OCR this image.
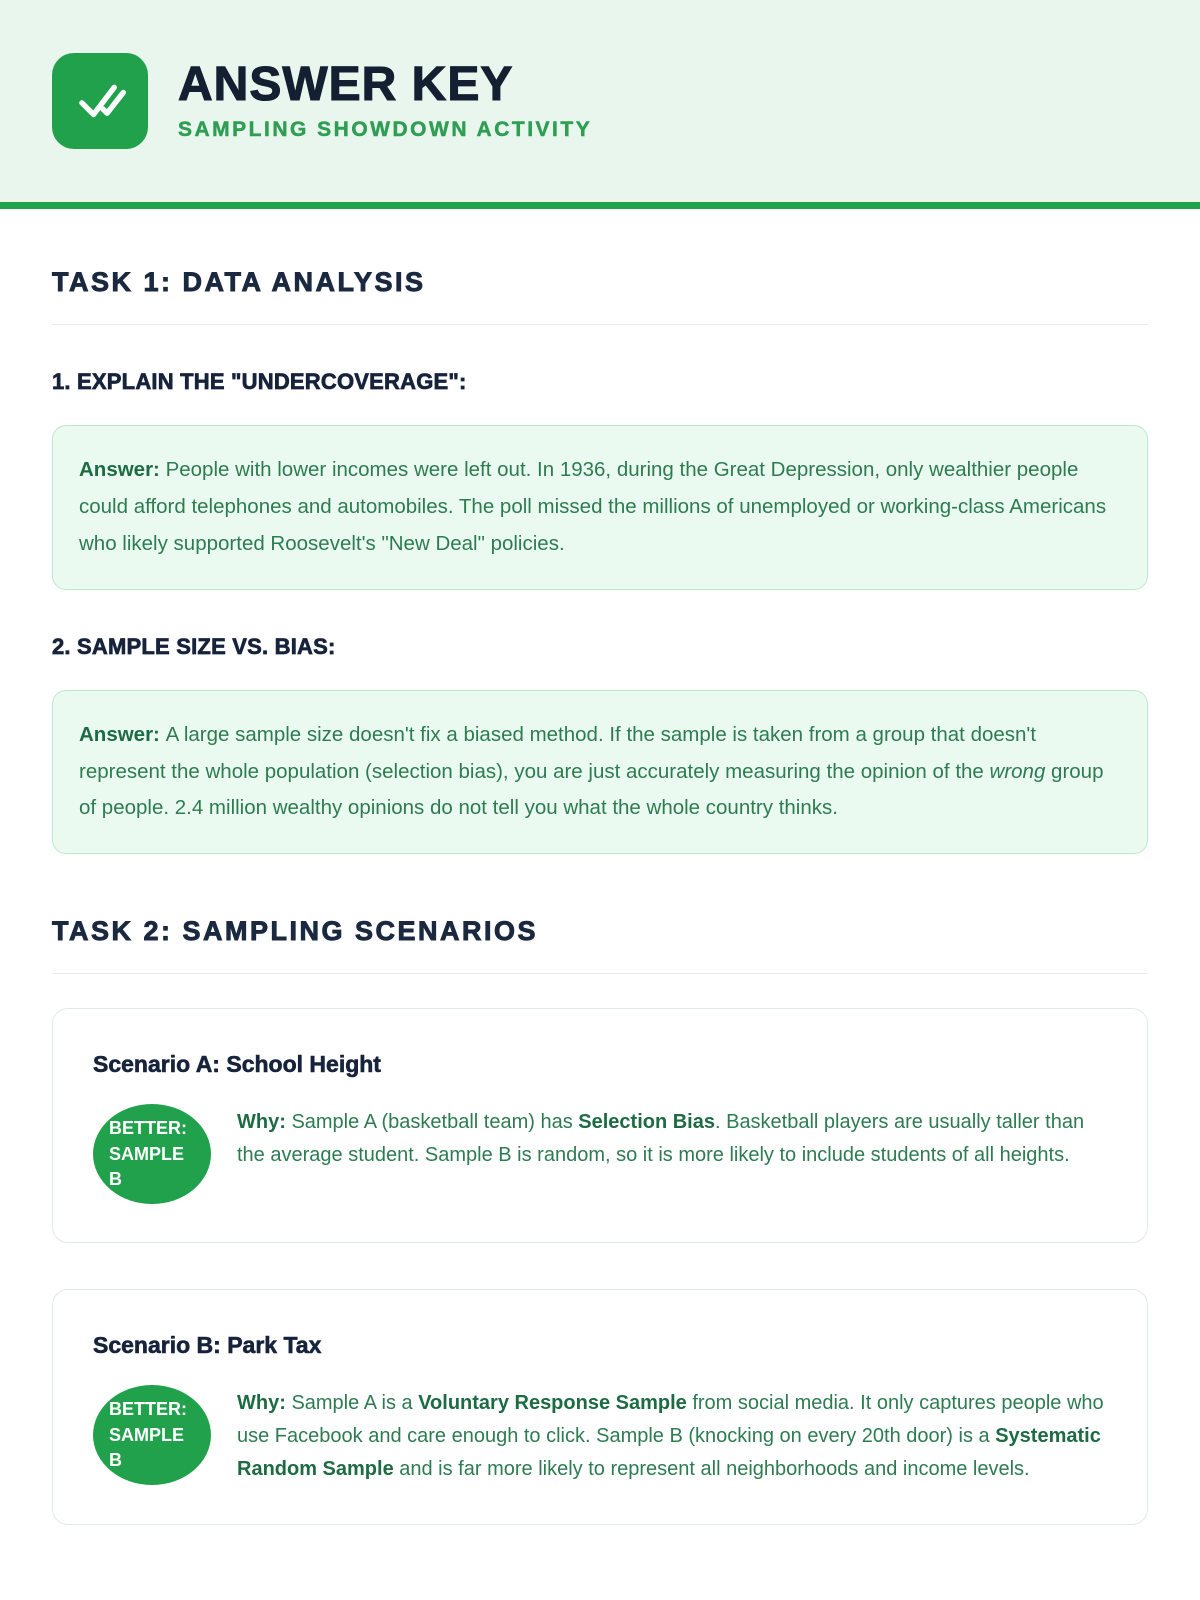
ANSWER KEY
SAMPLING SHOWDOWN ACTIVITY
TASK 1: DATA ANALYSIS
1. EXPLAIN THE "UNDERCOVERAGE":

Answer: People with lower incomes were left out. In 1936, during the Great Depression, only wealthier people could afford telephones and automobiles. The poll missed the millions of unemployed or working-class Americans who likely supported Roosevelt's "New Deal" policies.

2. SAMPLE SIZE VS. BIAS:

Answer: A large sample size doesn't fix a biased method. If the sample is taken from a group that doesn't represent the whole population (selection bias), you are just accurately measuring the opinion of the wrong group of people. 2.4 million wealthy opinions do not tell you what the whole country thinks.

TASK 2: SAMPLING SCENARIOS
Scenario A: School Height
BETTER: SAMPLE B

Why: Sample A (basketball team) has Selection Bias. Basketball players are usually taller than the average student. Sample B is random, so it is more likely to include students of all heights.

Scenario B: Park Tax
BETTER: SAMPLE B

Why: Sample A is a Voluntary Response Sample from social media. It only captures people who use Facebook and care enough to click. Sample B (knocking on every 20th door) is a Systematic Random Sample and is far more likely to represent all neighborhoods and income levels.
